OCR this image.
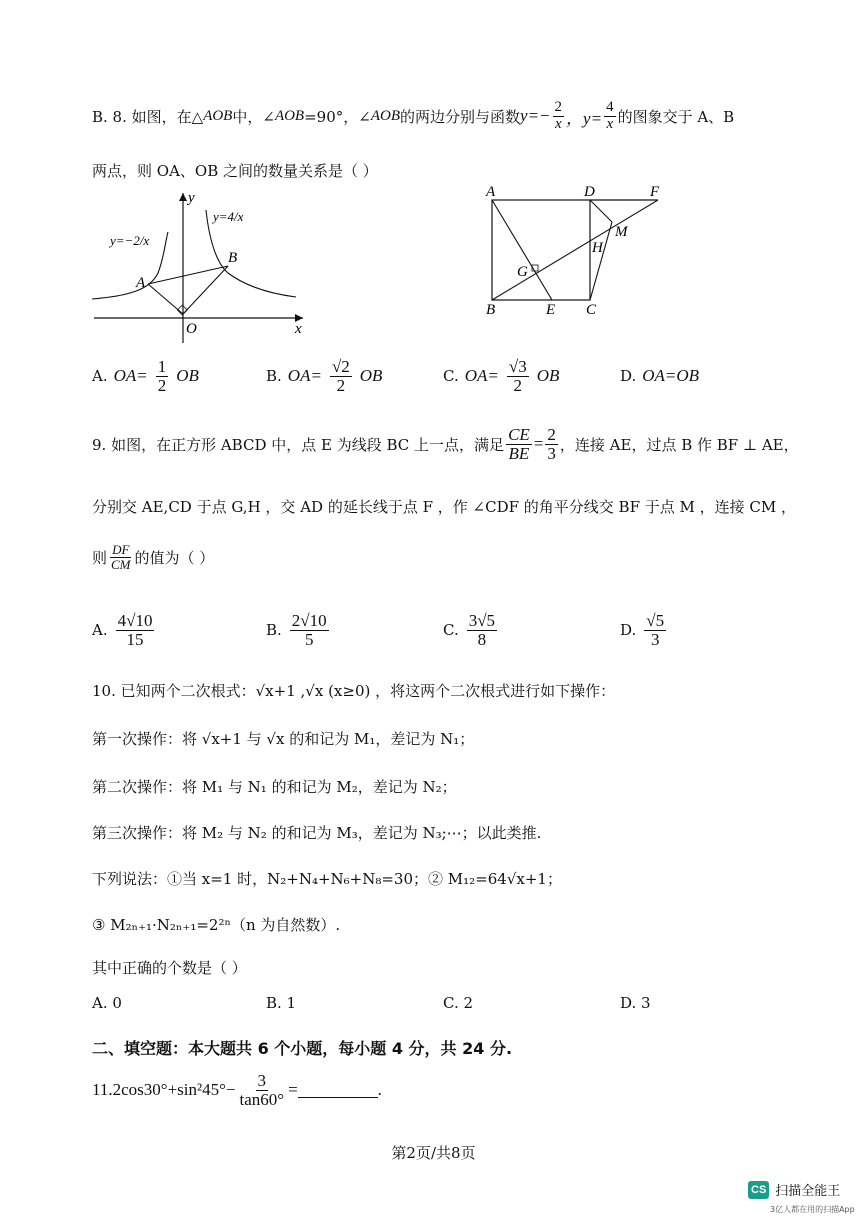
B. 8. 如图，在△ AOB 中，∠ AOB =90°，∠ AOB 的两边分别与函数 $y=- \frac{2}{x}$ ，$y= \frac{4}{x}$ 的图象交于 A、B
两点，则 OA、OB 之间的数量关系是（ ）
y
x
O
A
B
y=−2/x
y=4/x
A	D	F
M
H
G
B	E C
A. $OA= \frac{1}{2}$ OB	B. $OA= \frac{√2}{2}$ OB	C. $OA= \frac{√3}{2}$ OB	D. OA=OB
9. 如图，在正方形 ABCD 中，点 E 为线段 BC 上一点，满足 $\frac{CE}{BE} = \frac{2}{3}$ ，连接 AE，过点 B 作 BF ⊥ AE，
分别交 AE,CD 于点 G,H ，交 AD 的延长线于点 F ，作 ∠CDF 的角平分线交 BF 于点 M ，连接 CM ，
则 $\frac{DF}{CM}$ 的值为（ ）
A. $\frac{4√10}{15}$	B. $\frac{2√10}{5}$	C. $\frac{3√5}{8}$	D. $\frac{√5}{3}$
10. 已知两个二次根式：√x+1 ,√x (x≥0) ，将这两个二次根式进行如下操作：
第一次操作：将 √x+1 与 √x 的和记为 M₁，差记为 N₁；
第二次操作：将 M₁ 与 N₁ 的和记为 M₂，差记为 N₂；
第三次操作：将 M₂ 与 N₂ 的和记为 M₃，差记为 N₃;⋯；以此类推.
下列说法：①当 x=1 时，N₂+N₄+N₆+N₈=30；② M₁₂=64√x+1；
③ M₂ₙ₊₁·N₂ₙ₊₁=2²ⁿ（n 为自然数）.
其中正确的个数是（ ）
A. 0	B. 1	C. 2	D. 3
二、填空题：本大题共 6 个小题，每小题 4 分，共 24 分.
$11.2\cos 30^\circ+\sin^245^\circ- \frac{3}{\tan 60^\circ}$ =	.
第2页/共8页
CS 扫描全能王
3亿人都在用的扫描App
